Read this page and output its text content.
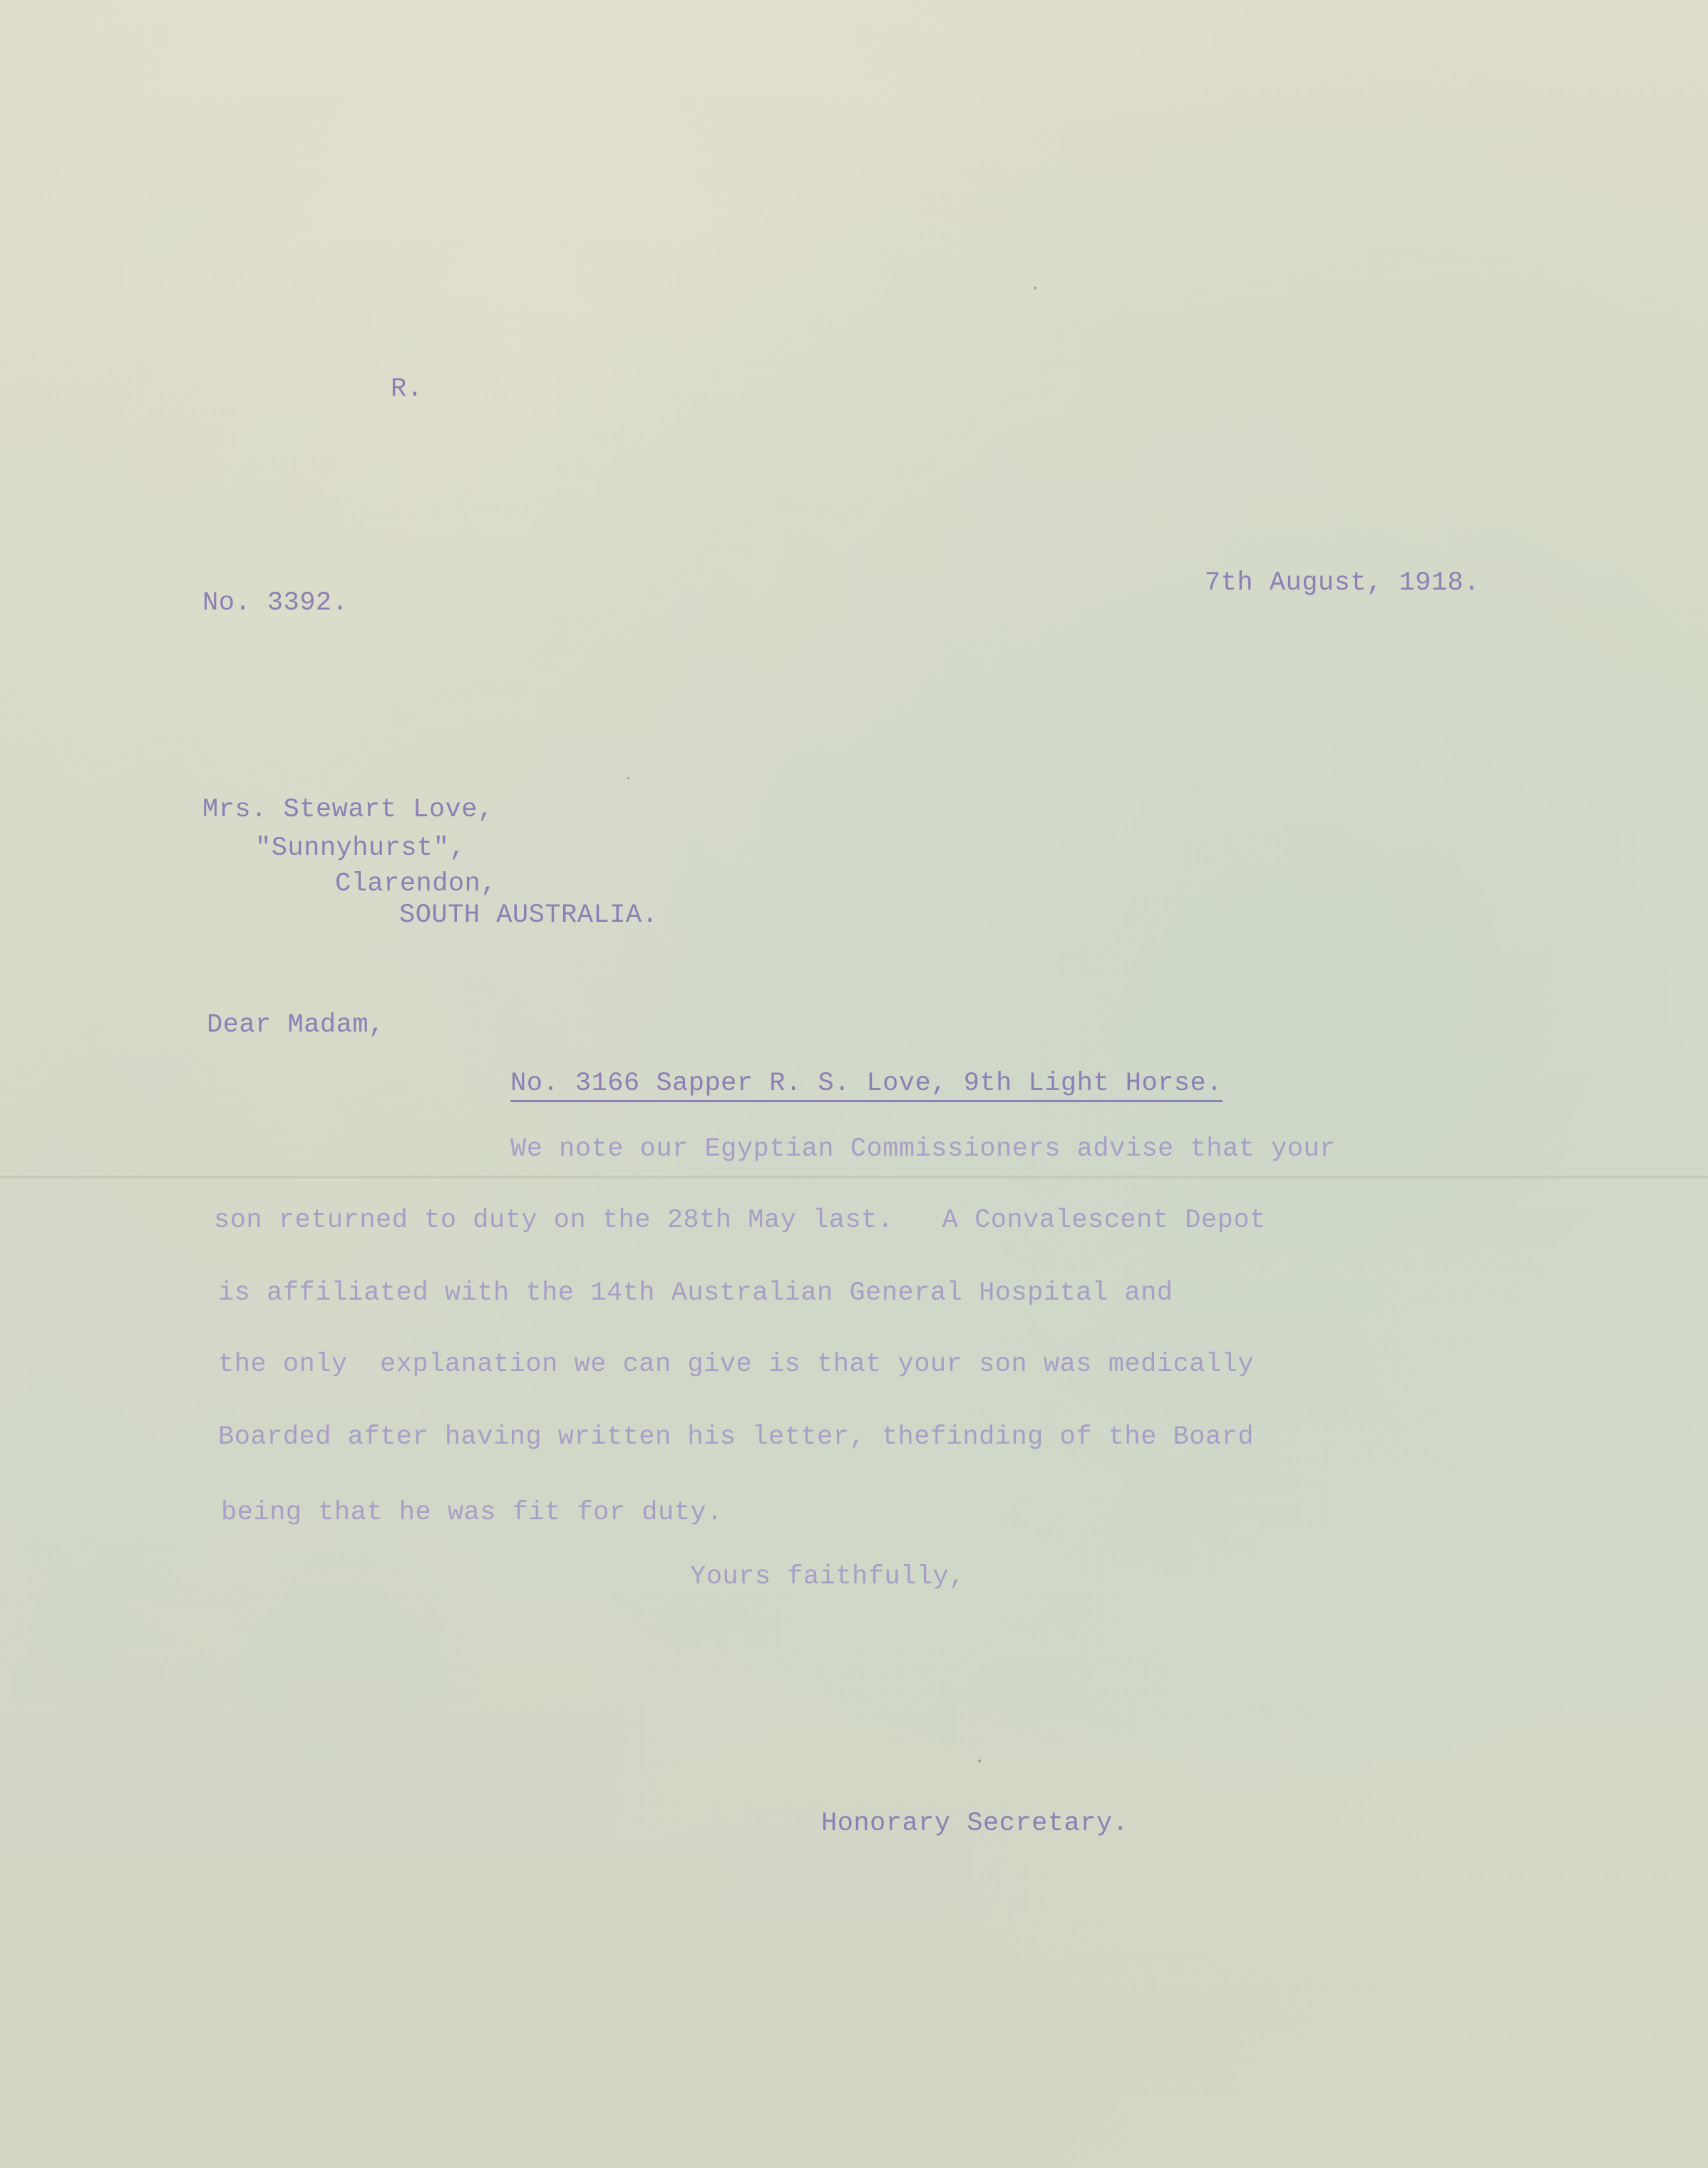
R.
No. 3392.
7th August, 1918.
Mrs. Stewart Love,
"Sunnyhurst",
Clarendon,
SOUTH AUSTRALIA.
Dear Madam,
No. 3166 Sapper R. S. Love, 9th Light Horse.
We note our Egyptian Commissioners advise that your
son returned to duty on the 28th May last.   A Convalescent Depot
is affiliated with the 14th Australian General Hospital and
the only  explanation we can give is that your son was medically
Boarded after having written his letter, thefinding of the Board
being that he was fit for duty.
Yours faithfully,
Honorary Secretary.
